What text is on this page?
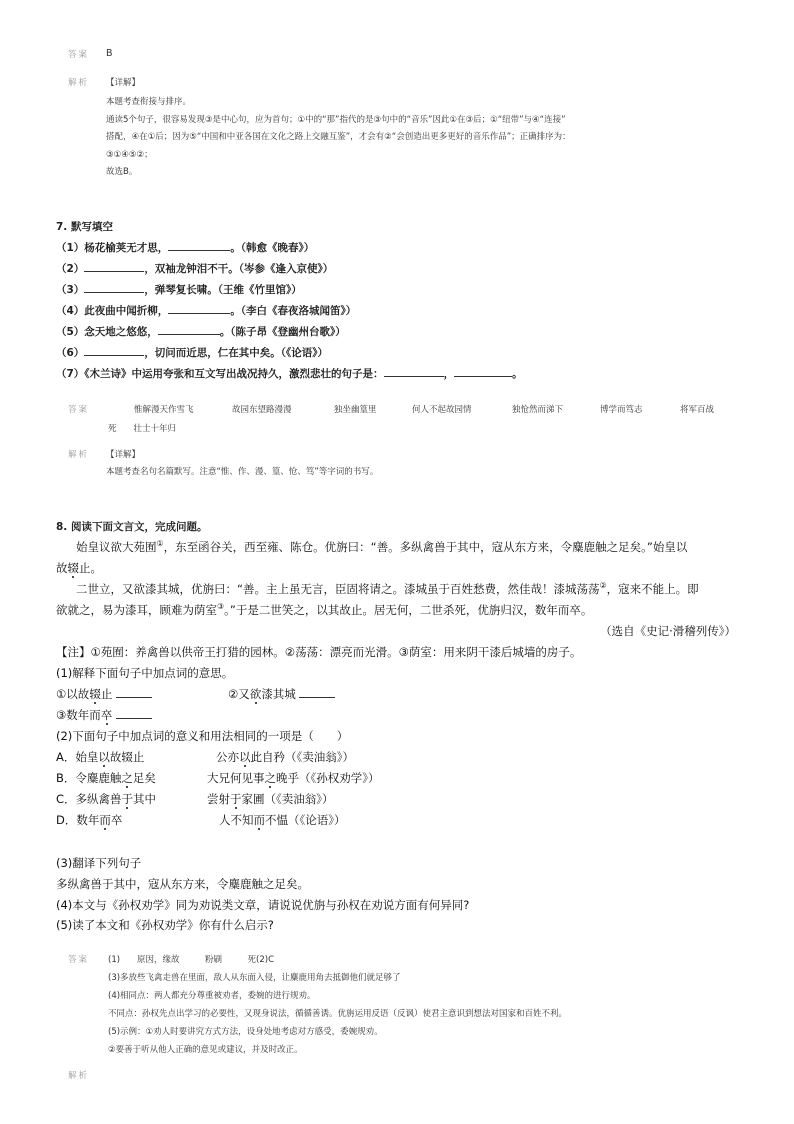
答案 B
解析 【详解】
本题考查衔接与排序。
通读5个句子，很容易发现③是中心句，应为首句；①中的“那”指代的是③句中的“音乐”因此①在③后；①“纽带”与④“连接”
搭配，④在①后；因为⑤“中国和中亚各国在文化之路上交融互鉴”，才会有②“会创造出更多更好的音乐作品”；正确排序为：
③①④⑤②；
故选B。
7. 默写填空
（1）杨花榆荚无才思，	。（韩愈《晚春》）
（2）	，双袖龙钟泪不干。（岑参《逢入京使》）
（3）	，弹琴复长啸。（王维《竹里馆》）
（4）此夜曲中闻折柳，	。（李白《春夜洛城闻笛》）
（5）念天地之悠悠，	。（陈子昂《登幽州台歌》）
（6）	，切问而近思，仁在其中矣。（《论语》）
（7）《木兰诗》中运用夸张和互文写出战况持久，激烈悲壮的句子是：	，	。
答案	惟解漫天作雪飞	故园东望路漫漫	独坐幽篁里	何人不起故园情	独怆然而涕下	博学而笃志	将军百战
死　　壮士十年归
解析 【详解】
本题考查名句名篇默写。注意“惟、作、漫、篁、怆、笃”等字词的书写。
8. 阅读下面文言文，完成问题。
始皇议欲大苑囿①，东至函谷关，西至雍、陈仓。优旃曰：“善。多纵禽兽于其中，寇从东方来，令麋鹿触之足矣。”始皇以
故辍止。
二世立，又欲漆其城，优旃曰：“善。主上虽无言，臣固将请之。漆城虽于百姓愁费，然佳哉！漆城荡荡②，寇来不能上。即
欲就之，易为漆耳，顾难为荫室③。”于是二世笑之，以其故止。居无何，二世杀死，优旃归汉，数年而卒。
（选自《史记·滑稽列传》）
【注】①苑囿：养禽兽以供帝王打猎的园林。②荡荡：漂亮而光滑。③荫室：用来阴干漆后城墙的房子。
(1)解释下面句子中加点词的意思。
①以故辍止	②又欲漆其城
③数年而卒
(2)下面句子中加点词的意义和用法相同的一项是（　　）
A．始皇以故辍止	公亦以此自矜（《卖油翁》）
B．令麋鹿触之足矣	大兄何见事之晚乎（《孙权劝学》）
C．多纵禽兽于其中	尝射于家圃（《卖油翁》）
D．数年而卒	人不知而不愠（《论语》）
(3)翻译下列句子
多纵禽兽于其中，寇从东方来，令麋鹿触之足矣。
(4)本文与《孙权劝学》同为劝说类文章，请说说优旃与孙权在劝说方面有何异同?
(5)读了本文和《孙权劝学》你有什么启示?
答案 (1)　　原因，缘故　　　粉刷　　　死(2)C
(3)多放些飞禽走兽在里面，敌人从东面入侵，让麋鹿用角去抵御他们就足够了
(4)相同点：两人都充分尊重被劝者，委婉的进行规劝。
不同点：孙权先点出学习的必要性，又现身说法，循循善诱。优旃运用反语（反讽）使君主意识到想法对国家和百姓不利。
(5)示例：①劝人时要讲究方式方法，设身处地考虑对方感受，委婉规劝。
②要善于听从他人正确的意见或建议，并及时改正。
解析
